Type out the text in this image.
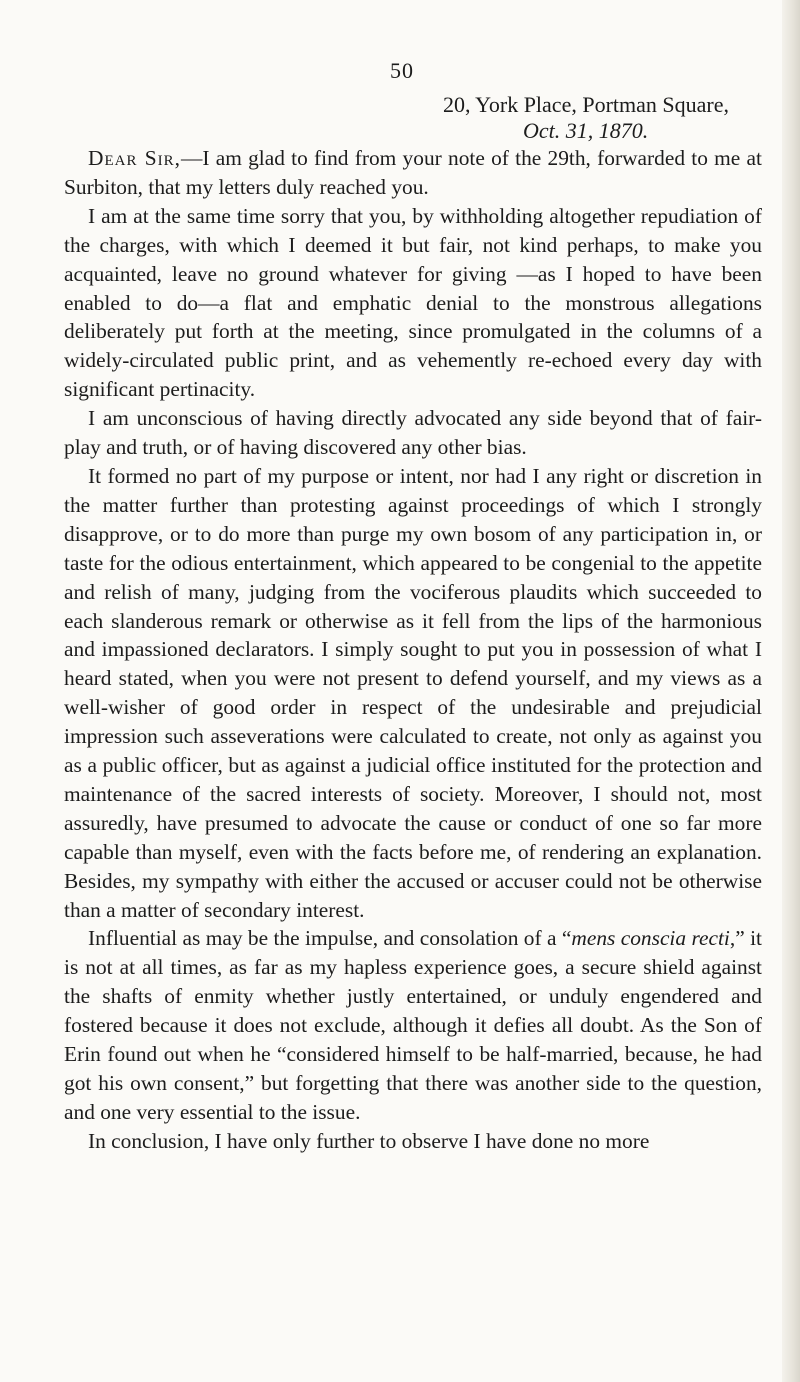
50
20, York Place, Portman Square,
Oct. 31, 1870.

Dear Sir,—I am glad to find from your note of the 29th, forwarded to me at Surbiton, that my letters duly reached you.

I am at the same time sorry that you, by withholding altogether repudiation of the charges, with which I deemed it but fair, not kind perhaps, to make you acquainted, leave no ground whatever for giving —as I hoped to have been enabled to do—a flat and emphatic denial to the monstrous allegations deliberately put forth at the meeting, since promulgated in the columns of a widely-circulated public print, and as vehemently re-echoed every day with significant pertinacity.

I am unconscious of having directly advocated any side beyond that of fair-play and truth, or of having discovered any other bias.

It formed no part of my purpose or intent, nor had I any right or discretion in the matter further than protesting against proceedings of which I strongly disapprove, or to do more than purge my own bosom of any participation in, or taste for the odious entertainment, which appeared to be congenial to the appetite and relish of many, judging from the vociferous plaudits which succeeded to each slanderous remark or otherwise as it fell from the lips of the harmonious and impassioned declarators. I simply sought to put you in possession of what I heard stated, when you were not present to defend yourself, and my views as a well-wisher of good order in respect of the undesirable and prejudicial impression such asseverations were calculated to create, not only as against you as a public officer, but as against a judicial office instituted for the protection and maintenance of the sacred interests of society. Moreover, I should not, most assuredly, have presumed to advocate the cause or conduct of one so far more capable than myself, even with the facts before me, of rendering an explanation. Besides, my sympathy with either the accused or accuser could not be otherwise than a matter of secondary interest.

Influential as may be the impulse, and consolation of a “mens conscia recti,” it is not at all times, as far as my hapless experience goes, a secure shield against the shafts of enmity whether justly entertained, or unduly engendered and fostered because it does not exclude, although it defies all doubt. As the Son of Erin found out when he “considered himself to be half-married, because, he had got his own consent,” but forgetting that there was another side to the question, and one very essential to the issue.

In conclusion, I have only further to observe I have done no more
